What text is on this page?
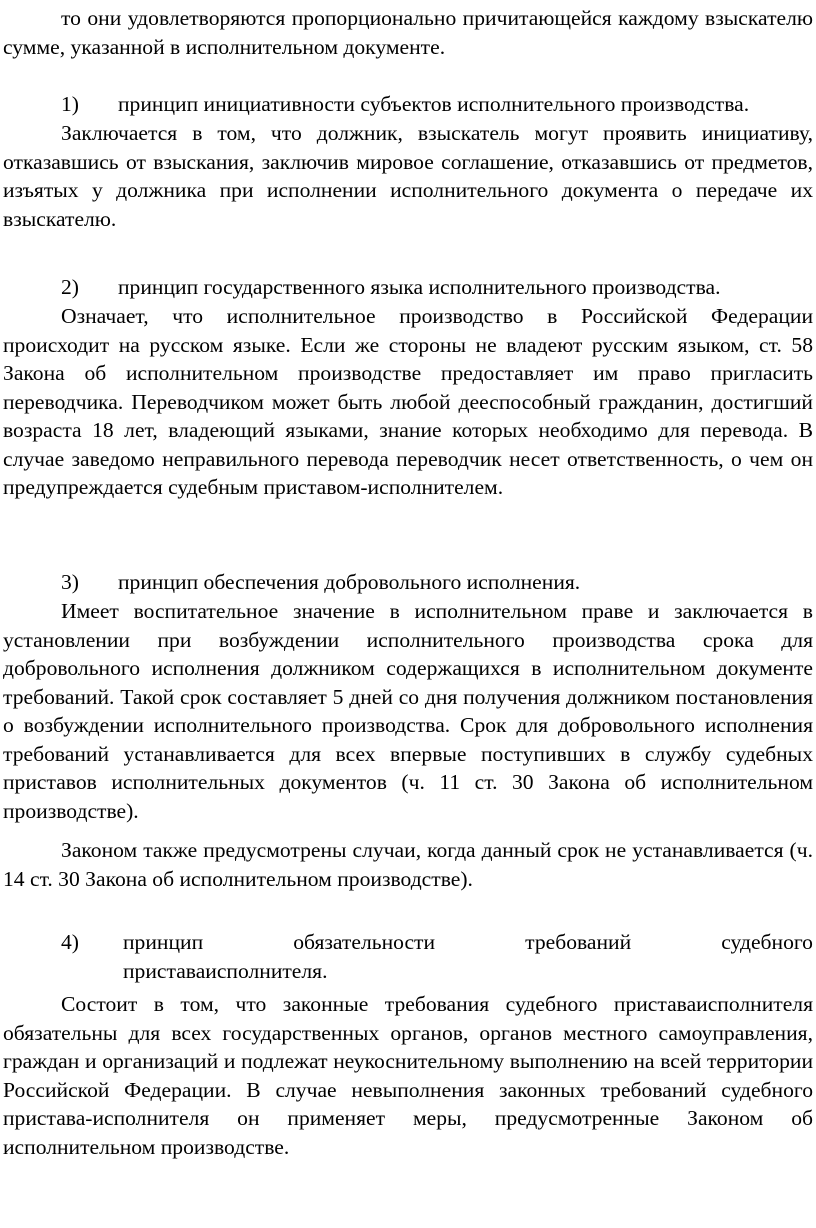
то они удовлетворяются пропорционально причитающейся каждому взыскателю сумме, указанной в исполнительном документе.

1) принцип инициативности субъектов исполнительного производства.

Заключается в том, что должник, взыскатель могут проявить инициативу, отказавшись от взыскания, заключив мировое соглашение, отказавшись от предметов, изъятых у должника при исполнении исполнительного документа о передаче их взыскателю.

2) принцип государственного языка исполнительного производства.

Означает, что исполнительное производство в Российской Федерации происходит на русском языке. Если же стороны не владеют русским языком, ст. 58 Закона об исполнительном производстве предоставляет им право пригласить переводчика. Переводчиком может быть любой дееспособный гражданин, достигший возраста 18 лет, владеющий языками, знание которых необходимо для перевода. В случае заведомо неправильного перевода переводчик несет ответственность, о чем он предупреждается судебным приставом-исполнителем.

3) принцип обеспечения добровольного исполнения.

Имеет воспитательное значение в исполнительном праве и заключается в установлении при возбуждении исполнительного производства срока для добровольного исполнения должником содержащихся в исполнительном документе требований. Такой срок составляет 5 дней со дня получения должником постановления о возбуждении исполнительного производства. Срок для добровольного исполнения требований устанавливается для всех впервые поступивших в службу судебных приставов исполнительных документов (ч. 11 ст. 30 Закона об исполнительном производстве).

Законом также предусмотрены случаи, когда данный срок не устанавливается (ч. 14 ст. 30 Закона об исполнительном производстве).

4) принцип	обязательности	требований	судебного
приставаисполнителя.

Состоит в том, что законные требования судебного приставаисполнителя обязательны для всех государственных органов, органов местного самоуправления, граждан и организаций и подлежат неукоснительному выполнению на всей территории Российской Федерации. В случае невыполнения законных требований судебного пристава-исполнителя он применяет меры, предусмотренные Законом об исполнительном производстве.
